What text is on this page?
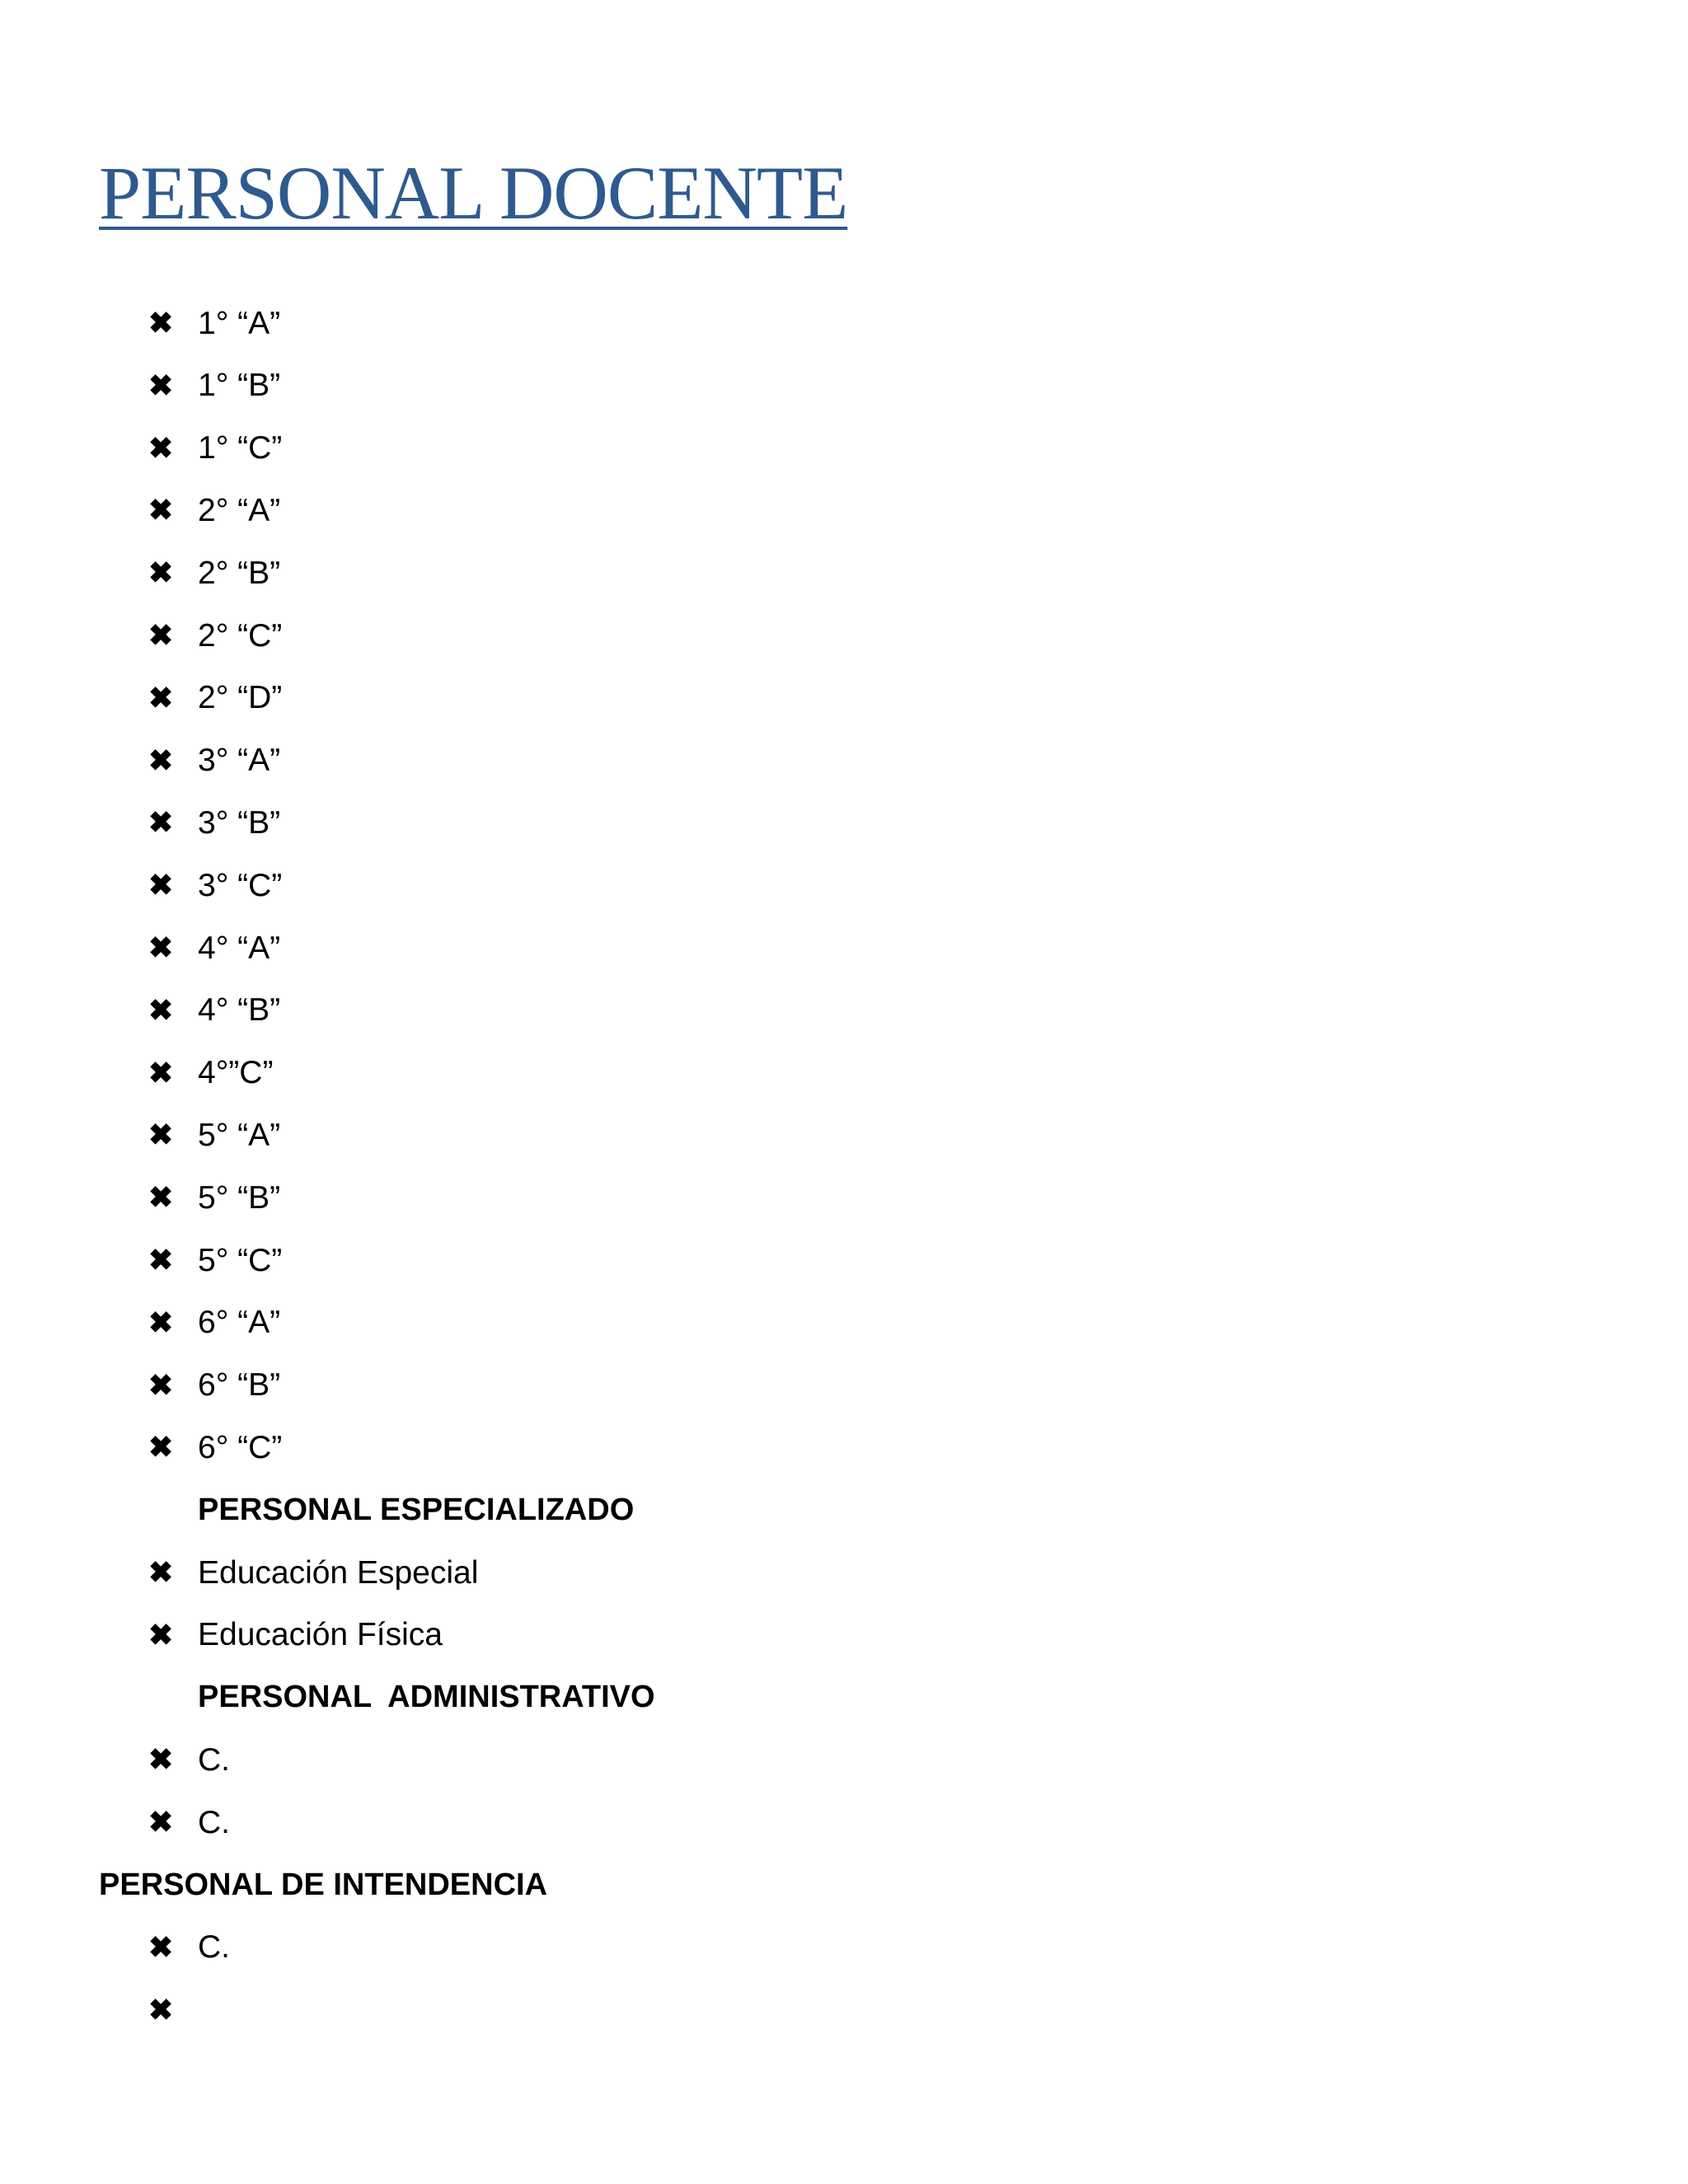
PERSONAL DOCENTE
✖ 1° “A”
✖ 1° “B”
✖ 1° “C”
✖ 2° “A”
✖ 2° “B”
✖ 2° “C”
✖ 2° “D”
✖ 3° “A”
✖ 3° “B”
✖ 3° “C”
✖ 4° “A”
✖ 4° “B”
✖ 4°”C”
✖ 5° “A”
✖ 5° “B”
✖ 5° “C”
✖ 6° “A”
✖ 6° “B”
✖ 6° “C”
PERSONAL ESPECIALIZADO
✖ Educación Especial
✖ Educación Física
PERSONAL  ADMINISTRATIVO
✖ C.
✖ C.
PERSONAL DE INTENDENCIA
✖ C.
✖
